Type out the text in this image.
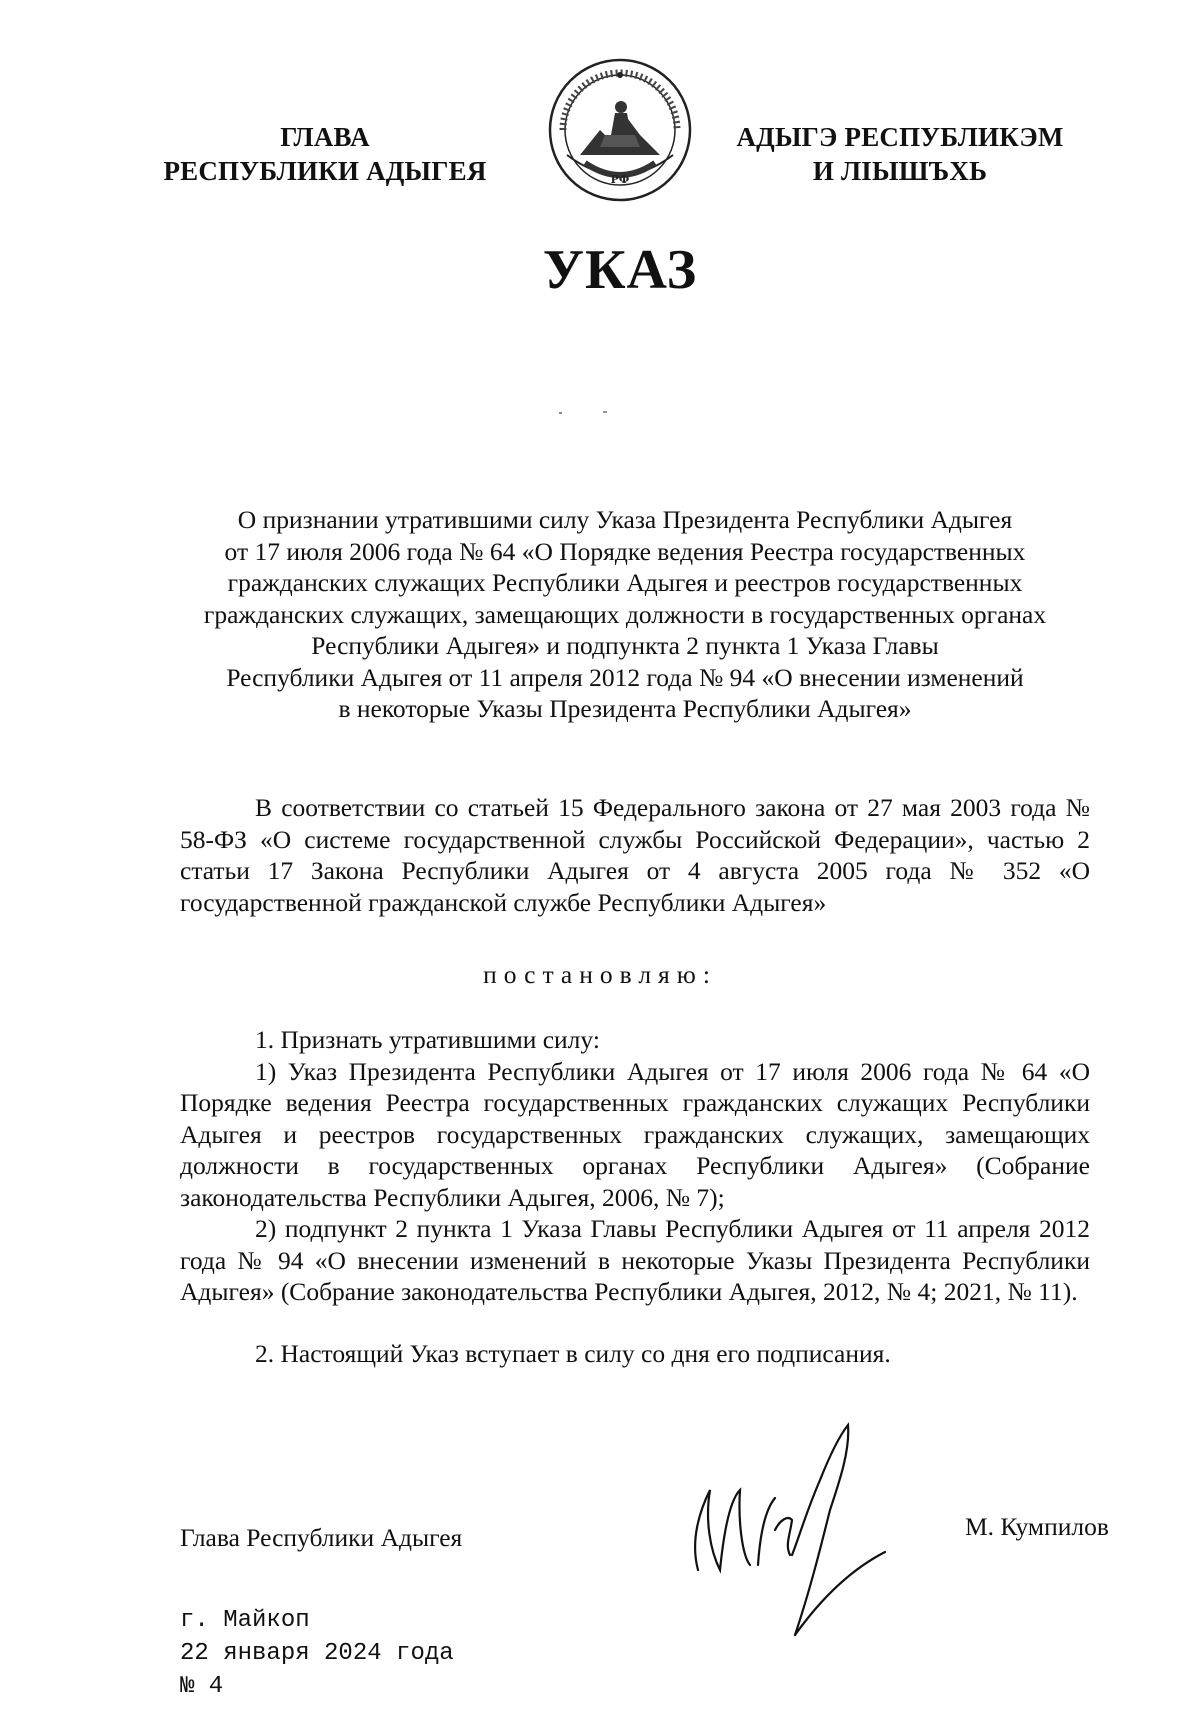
ГЛАВА
РЕСПУБЛИКИ АДЫГЕЯ	РФ
АДЫГЭ РЕСПУБЛИКЭМ
И ЛІЫШЪХЬ
УКАЗ
О признании утратившими силу Указа Президента Республики Адыгея
от 17 июля 2006 года № 64 «О Порядке ведения Реестра государственных
гражданских служащих Республики Адыгея и реестров государственных
гражданских служащих, замещающих должности в государственных органах
Республики Адыгея» и подпункта 2 пункта 1 Указа Главы
Республики Адыгея от 11 апреля 2012 года № 94 «О внесении изменений
в некоторые Указы Президента Республики Адыгея»

В соответствии со статьей 15 Федерального закона от 27 мая 2003 года № 58-ФЗ «О системе государственной службы Российской Федерации», частью 2 статьи 17 Закона Республики Адыгея от 4 августа 2005 года № 352 «О государственной гражданской службе Республики Адыгея»

постановляю:

1. Признать утратившими силу:

1) Указ Президента Республики Адыгея от 17 июля 2006 года № 64 «О Порядке ведения Реестра государственных гражданских служащих Республики Адыгея и реестров государственных гражданских служащих, замещающих должности в государственных органах Республики Адыгея» (Собрание законодательства Республики Адыгея, 2006, № 7);

2) подпункт 2 пункта 1 Указа Главы Республики Адыгея от 11 апреля 2012 года № 94 «О внесении изменений в некоторые Указы Президента Республики Адыгея» (Собрание законодательства Республики Адыгея, 2012, № 4; 2021, № 11).

2. Настоящий Указ вступает в силу со дня его подписания.

Глава Республики Адыгея	М. Кумпилов
г. Майкоп
22 января 2024 года
№ 4
